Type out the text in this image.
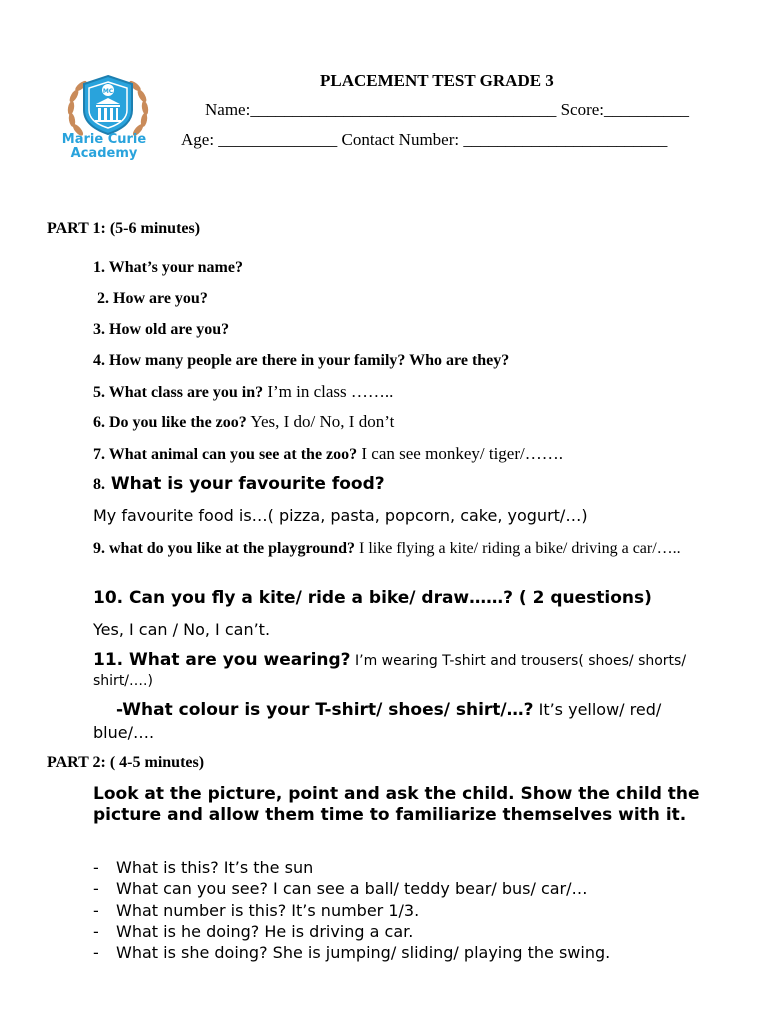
MC
Marie Curie
Academy
PLACEMENT TEST GRADE 3
Name:____________________________________ Score:__________
Age: ______________ Contact Number: ________________________
PART 1: (5-6 minutes)
1. What’s your name?
2. How are you?
3. How old are you?
4. How many people are there in your family? Who are they?
5. What class are you in? I’m in class ……..
6. Do you like the zoo? Yes, I do/ No, I don’t
7. What animal can you see at the zoo? I can see monkey/ tiger/…….
8. What is your favourite food?
My favourite food is…( pizza, pasta, popcorn, cake, yogurt/…)
9. what do you like at the playground? I like flying a kite/ riding a bike/ driving a car/…..
10. Can you fly a kite/ ride a bike/ draw……? ( 2 questions)
Yes, I can / No, I can’t.
11. What are you wearing? I’m wearing T-shirt and trousers( shoes/ shorts/ shirt/….)
-What colour is your T-shirt/ shoes/ shirt/…? It’s yellow/ red/ blue/….
PART 2: ( 4-5 minutes)
Look at the picture, point and ask the child. Show the child the picture and allow them time to familiarize themselves with it.
- What is this? It’s the sun
- What can you see? I can see a ball/ teddy bear/ bus/ car/…
- What number is this? It’s number 1/3.
- What is he doing? He is driving a car.
- What is she doing? She is jumping/ sliding/ playing the swing.
